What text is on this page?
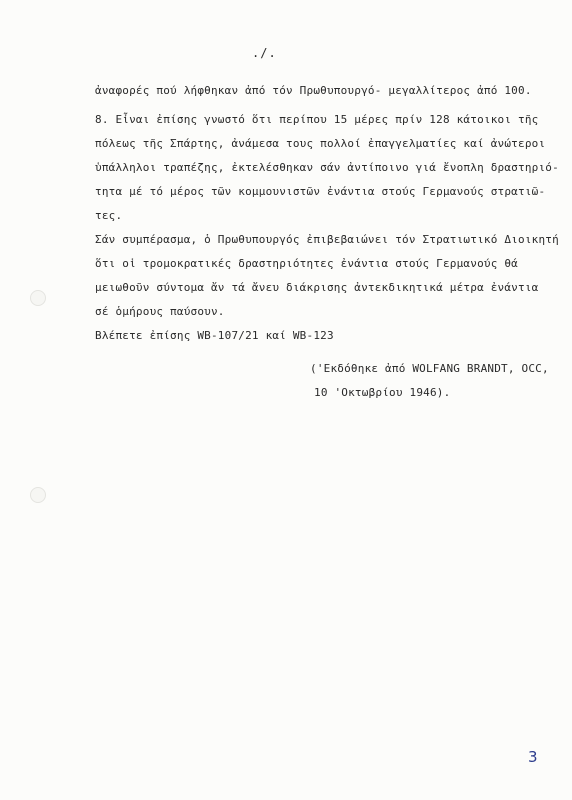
./.
ἀναφορές πού λήφθηκαν ἀπό τόν Πρωθυπουργό- μεγαλλίτερος ἀπό 100.
8. Εἶναι ἐπίσης γνωστό ὅτι περίπου 15 μέρες πρίν 128 κάτοικοι τῆς
πόλεως τῆς Σπάρτης, ἀνάμεσα τους πολλοί ἐπαγγελματίες καί ἀνώτεροι
ὑπάλληλοι τραπέζης, ἐκτελέσθηκαν σάν ἀντίποινο γιά ἔνοπλη δραστηριό-
τητα μέ τό μέρος τῶν κομμουνιστῶν ἐνάντια στούς Γερμανούς στρατιῶ-
τες.
Σάν συμπέρασμα, ὁ Πρωθυπουργός ἐπιβεβαιώνει τόν Στρατιωτικό Διοικητή
ὅτι οἱ τρομοκρατικές δραστηριότητες ἐνάντια στούς Γερμανούς θά
μειωθοῦν σύντομα ἄν τά ἄνευ διάκρισης ἀντεκδικητικά μέτρα ἐνάντια
σέ ὁμήρους παύσουν.
Βλέπετε ἐπίσης WB-107/21 καί WB-123
('Εκδόθηκε ἀπό WOLFANG BRANDT, OCC,
10 'Οκτωβρίου 1946).
3
